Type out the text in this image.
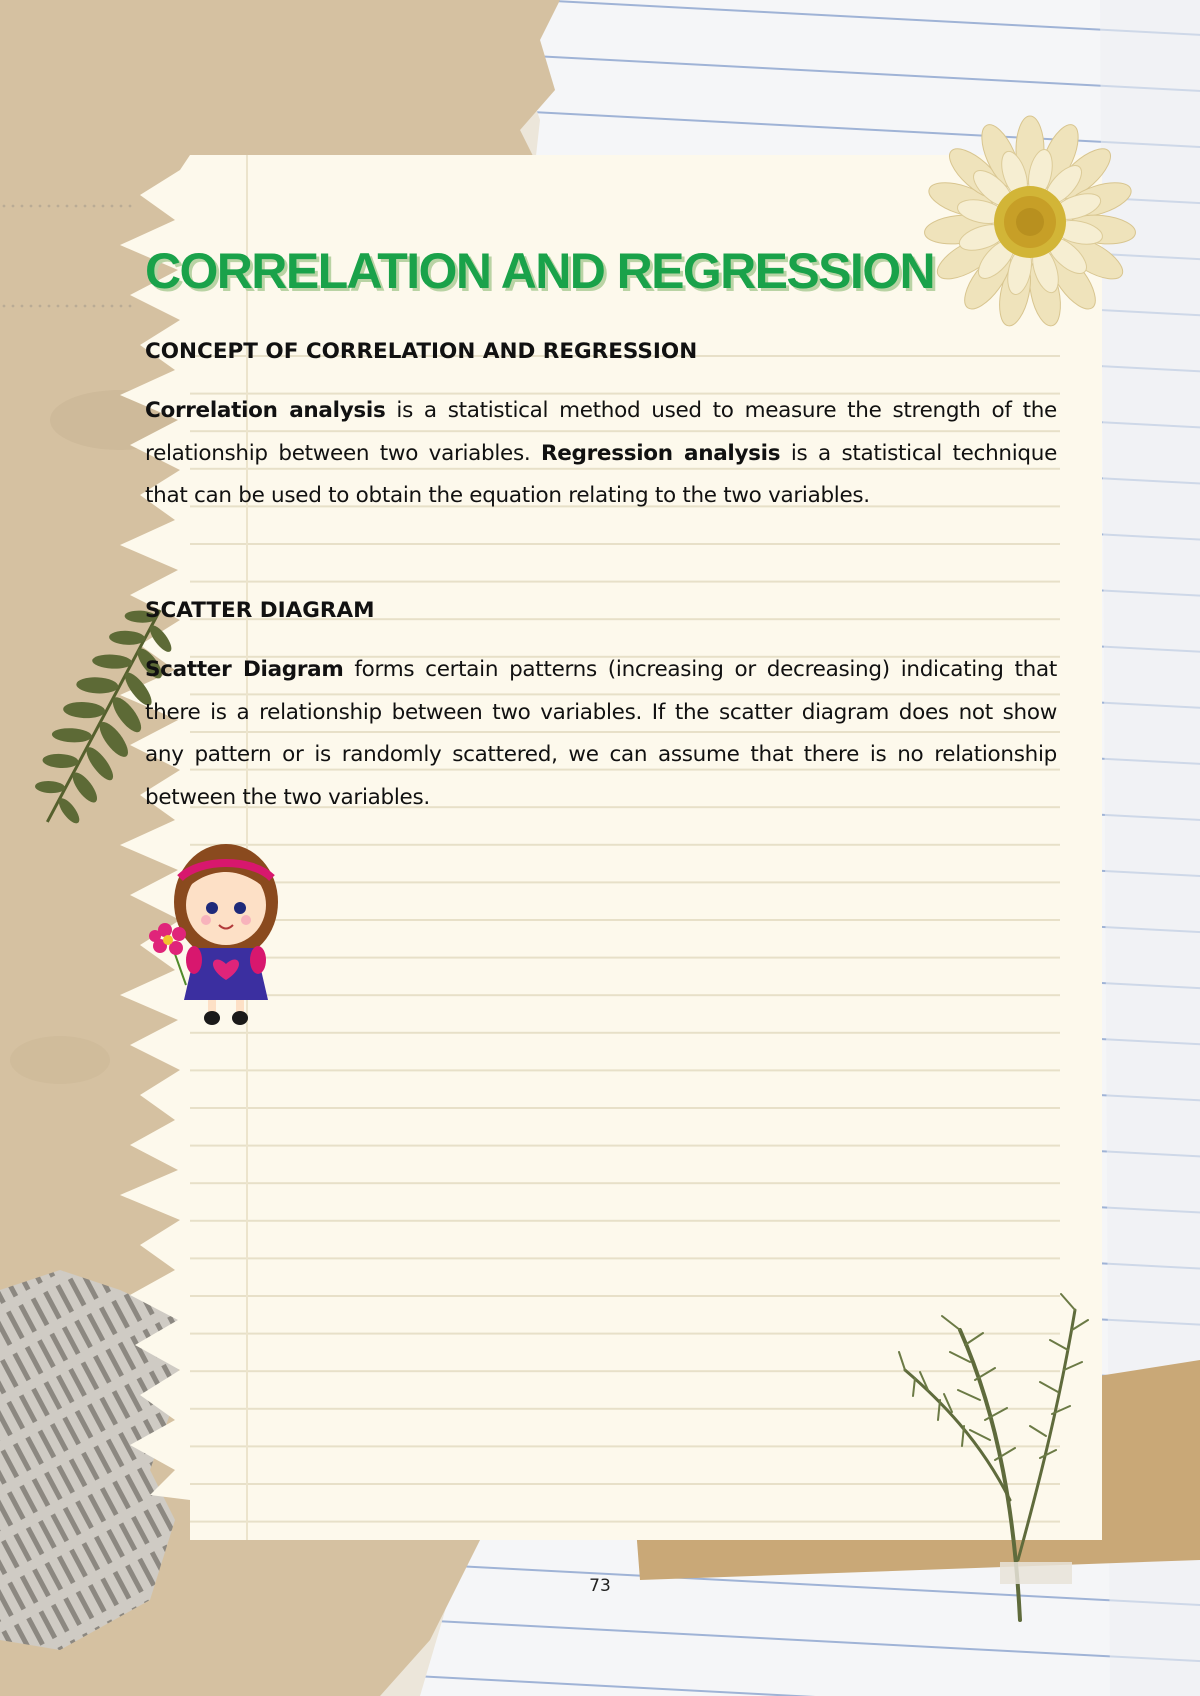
CORRELATION AND REGRESSION
CONCEPT OF CORRELATION AND REGRESSION

Correlation analysis is a statistical method used to measure the strength of the relationship between two variables. Regression analysis is a statistical technique that can be used to obtain the equation relating to the two variables.

SCATTER DIAGRAM

Scatter Diagram forms certain patterns (increasing or decreasing) indicating that there is a relationship between two variables. If the scatter diagram does not show any pattern or is randomly scattered, we can assume that there is no relationship between the two variables.

73
